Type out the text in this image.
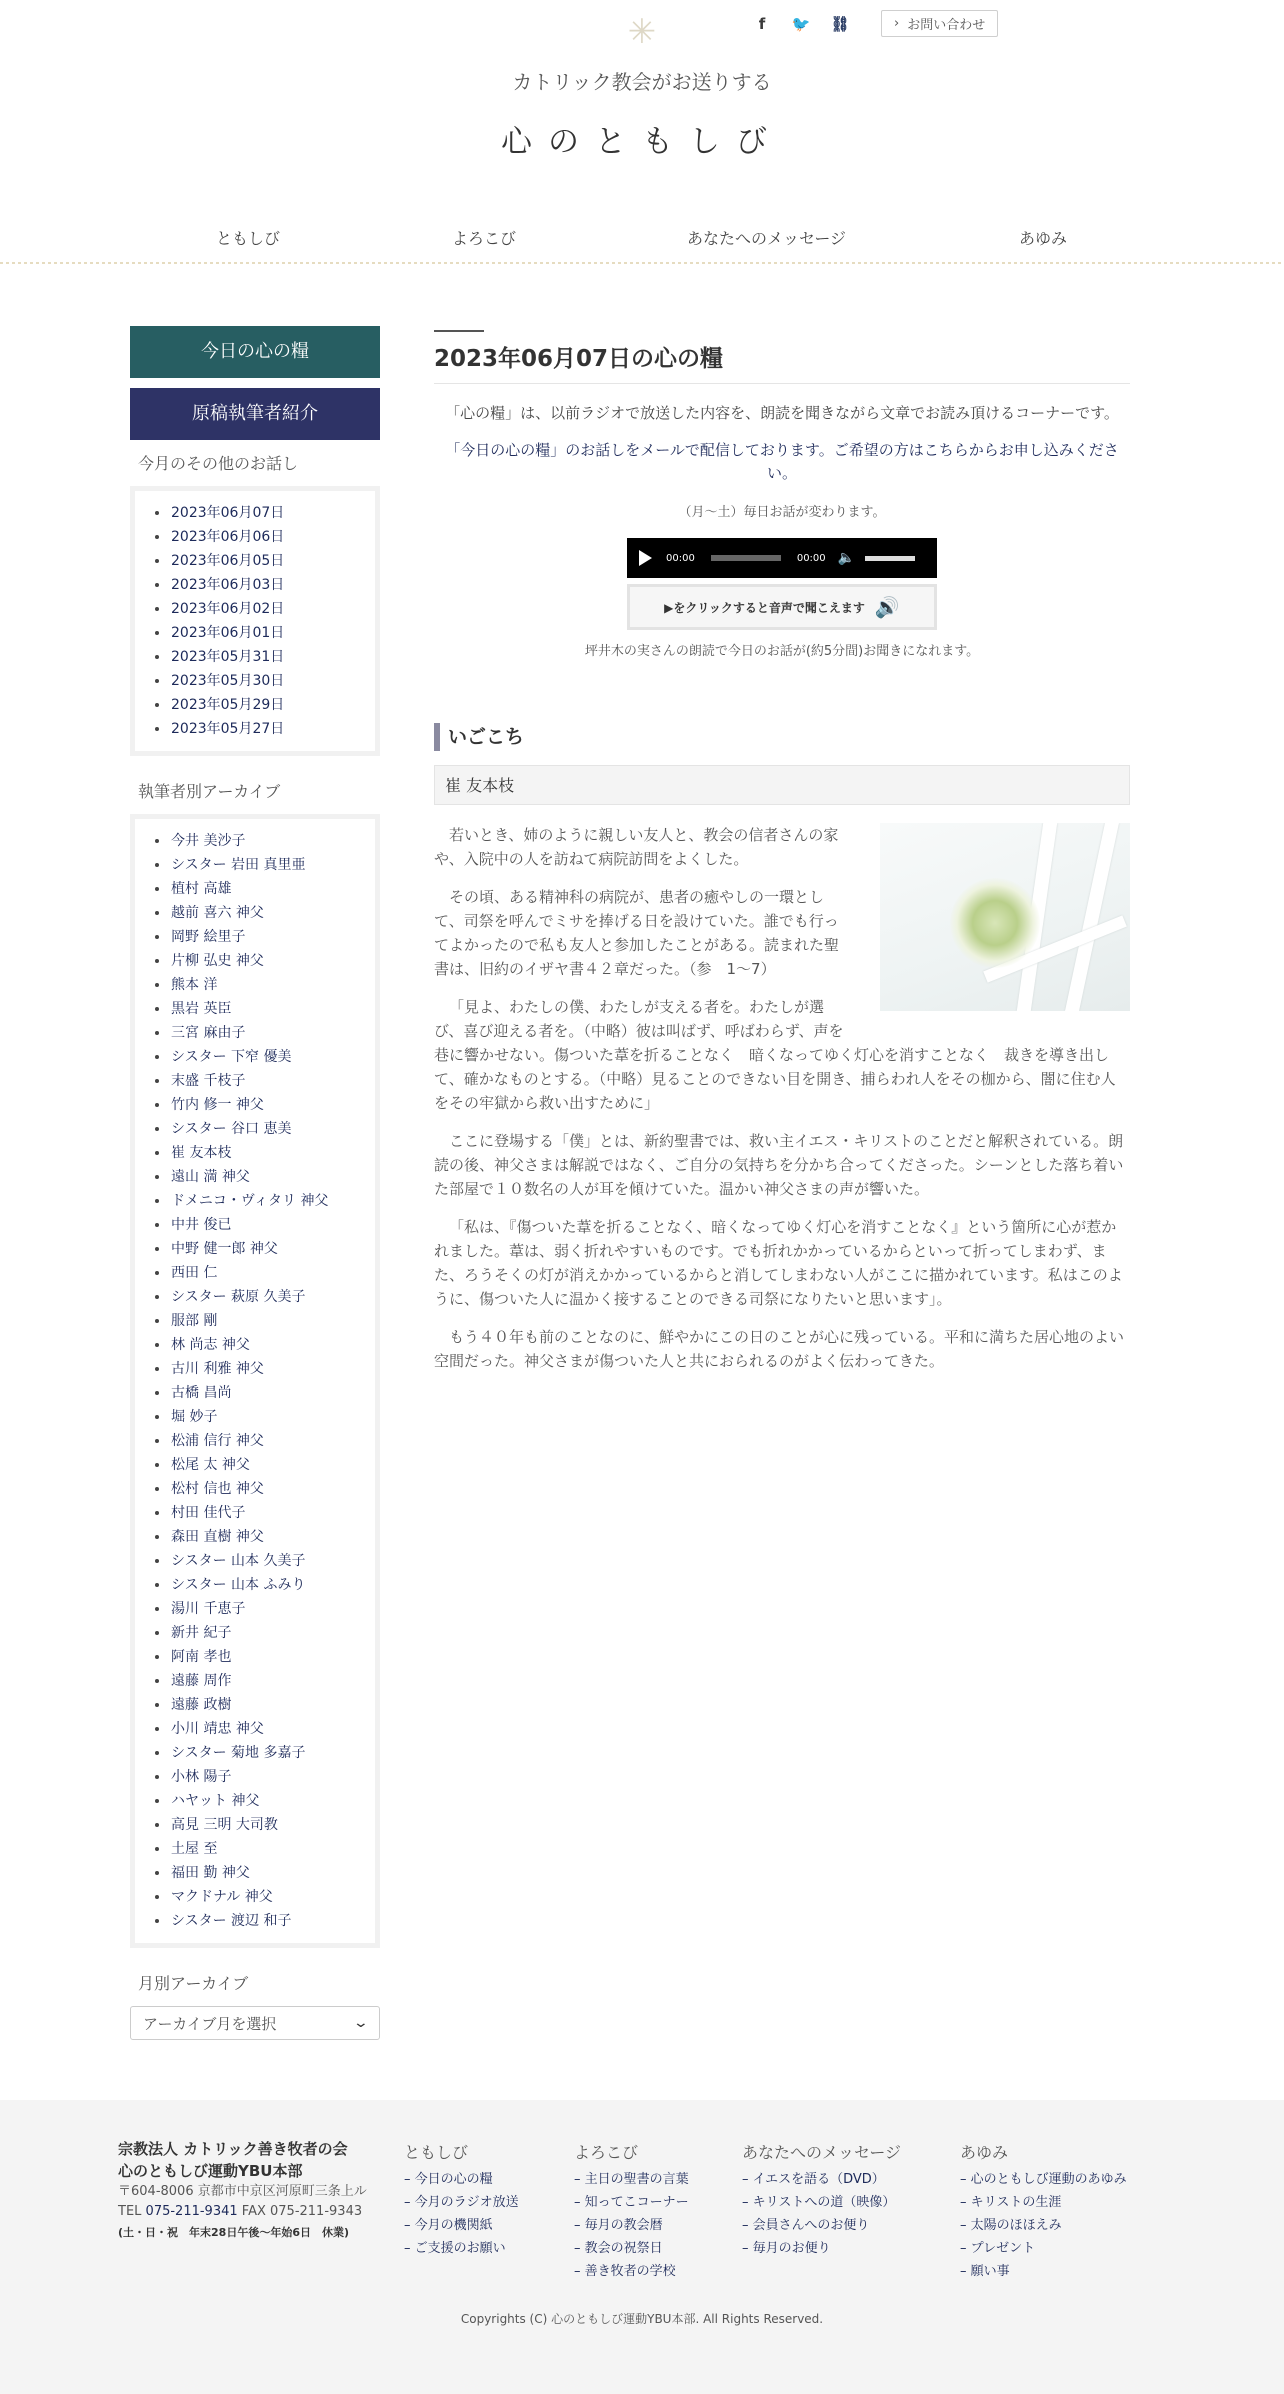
✳	f	🐦 ⛓	› お問い合わせ
カトリック教会がお送りする
心のともしび
ともしび	よろこび	あなたへのメッセージ	あゆみ
今日の心の糧
原稿執筆者紹介
今月のその他のお話し
2023年06月07日
2023年06月06日
2023年06月05日
2023年06月03日
2023年06月02日
2023年06月01日
2023年05月31日
2023年05月30日
2023年05月29日
2023年05月27日
執筆者別アーカイブ
今井 美沙子
シスター 岩田 真里亜
植村 高雄
越前 喜六 神父
岡野 絵里子
片柳 弘史 神父
熊本 洋
黒岩 英臣
三宮 麻由子
シスター 下窄 優美
末盛 千枝子
竹内 修一 神父
シスター 谷口 恵美
崔 友本枝
遠山 満 神父
ドメニコ・ヴィタリ 神父
中井 俊已
中野 健一郎 神父
西田 仁
シスター 萩原 久美子
服部 剛
林 尚志 神父
古川 利雅 神父
古橋 昌尚
堀 妙子
松浦 信行 神父
松尾 太 神父
松村 信也 神父
村田 佳代子
森田 直樹 神父
シスター 山本 久美子
シスター 山本 ふみり
湯川 千恵子
新井 紀子
阿南 孝也
遠藤 周作
遠藤 政樹
小川 靖忠 神父
シスター 菊地 多嘉子
小林 陽子
ハヤット 神父
高見 三明 大司教
土屋 至
福田 勤 神父
マクドナル 神父
シスター 渡辺 和子
月別アーカイブ
アーカイブ月を選択	⌄
2023年06月07日の心の糧

「心の糧」は、以前ラジオで放送した内容を、朗読を聞きながら文章でお読み頂けるコーナーです。

「今日の心の糧」のお話しをメールで配信しております。ご希望の方はこちらからお申し込みください。

（月～土）毎日お話が変わります。

00:00	00:00 🔈
▶をクリックすると音声で聞こえます 🔊

坪井木の実さんの朗読で今日のお話が(約5分間)お聞きになれます。

いごこち
崔 友本枝

若いとき、姉のように親しい友人と、教会の信者さんの家や、入院中の人を訪ねて病院訪問をよくした。

その頃、ある精神科の病院が、患者の癒やしの一環として、司祭を呼んでミサを捧げる日を設けていた。誰でも行ってよかったので私も友人と参加したことがある。読まれた聖書は、旧約のイザヤ書４２章だった。（参　1～7）

「見よ、わたしの僕、わたしが支える者を。わたしが選び、喜び迎える者を。（中略）彼は叫ばず、呼ばわらず、声を巷に響かせない。傷ついた葦を折ることなく　暗くなってゆく灯心を消すことなく　裁きを導き出して、確かなものとする。（中略）見ることのできない目を開き、捕らわれ人をその枷から、闇に住む人をその牢獄から救い出すために」

ここに登場する「僕」とは、新約聖書では、救い主イエス・キリストのことだと解釈されている。朗読の後、神父さまは解説ではなく、ご自分の気持ちを分かち合ってくださった。シーンとした落ち着いた部屋で１０数名の人が耳を傾けていた。温かい神父さまの声が響いた。

「私は、『傷ついた葦を折ることなく、暗くなってゆく灯心を消すことなく』という箇所に心が惹かれました。葦は、弱く折れやすいものです。でも折れかかっているからといって折ってしまわず、また、ろうそくの灯が消えかかっているからと消してしまわない人がここに描かれています。私はこのように、傷ついた人に温かく接することのできる司祭になりたいと思います」。

もう４０年も前のことなのに、鮮やかにこの日のことが心に残っている。平和に満ちた居心地のよい空間だった。神父さまが傷ついた人と共におられるのがよく伝わってきた。

宗教法人 カトリック善き牧者の会
心のともしび運動YBU本部
〒604-8006 京都市中京区河原町三条上ル
TEL 075-211-9341 FAX 075-211-9343
(土・日・祝　年末28日午後〜年始6日　休業)
ともしび
– 今日の心の糧
– 今月のラジオ放送
– 今月の機関紙
– ご支援のお願い
よろこび
– 主日の聖書の言葉
– 知ってこコーナー
– 毎月の教会暦
– 教会の祝祭日
– 善き牧者の学校
あなたへのメッセージ
– イエスを語る（DVD）
– キリストへの道（映像）
– 会員さんへのお便り
– 毎月のお便り
あゆみ
– 心のともしび運動のあゆみ
– キリストの生涯
– 太陽のほほえみ
– プレゼント
– 願い事
Copyrights (C) 心のともしび運動YBU本部. All Rights Reserved.
